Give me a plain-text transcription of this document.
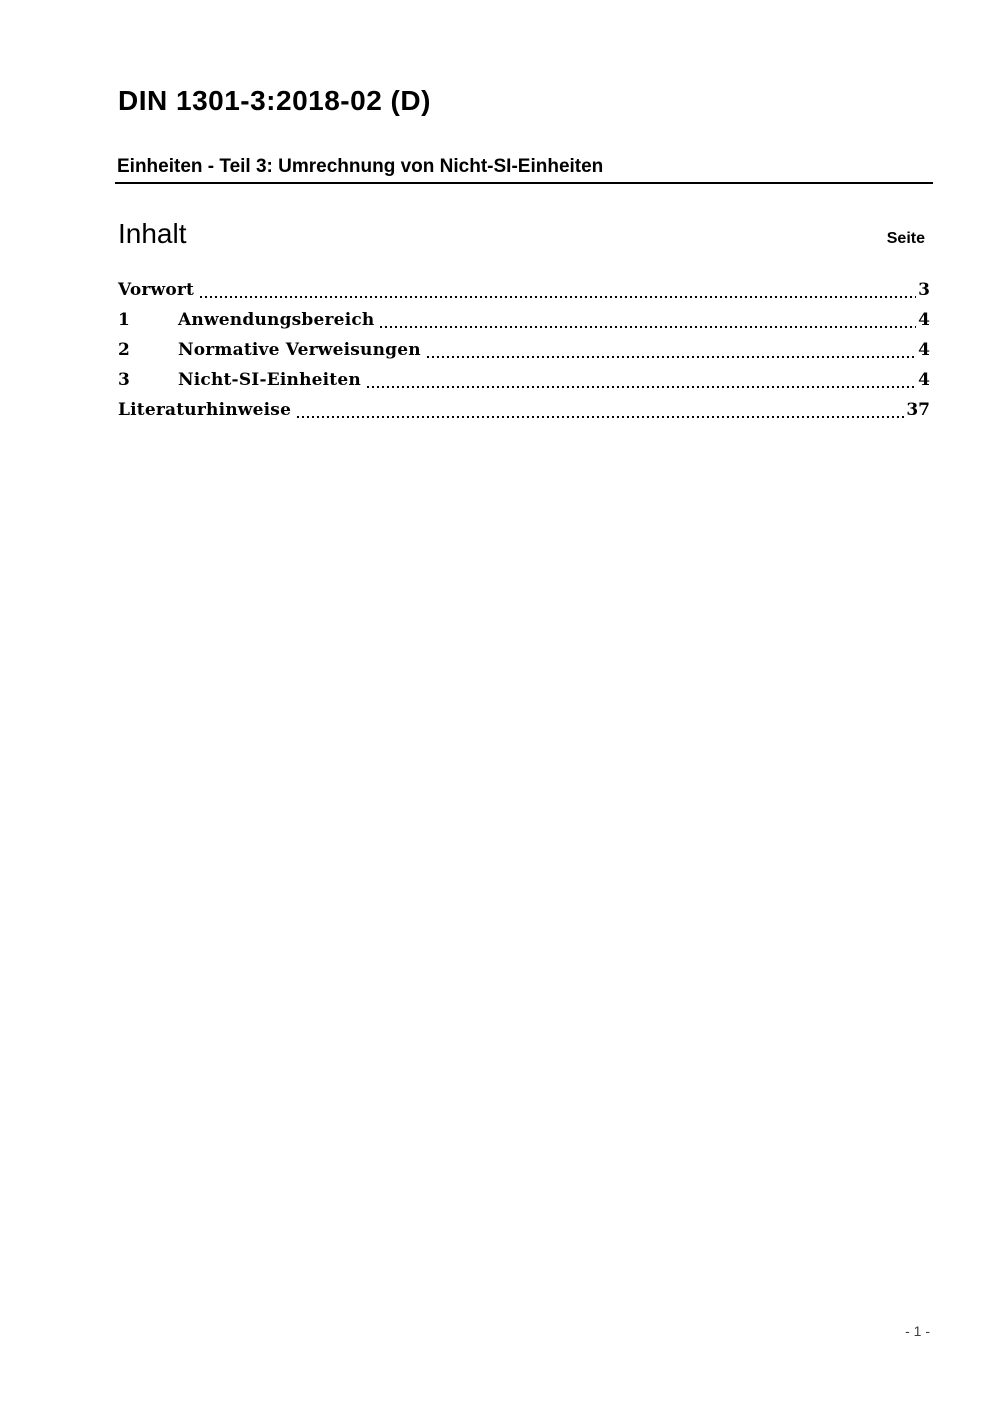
DIN 1301-3:2018-02 (D)
Einheiten - Teil 3: Umrechnung von Nicht-SI-Einheiten
Inhalt	Seite
Vorwort	3
1	Anwendungsbereich	4
2	Normative Verweisungen	4
3	Nicht-SI-Einheiten	4
Literaturhinweise	37
- 1 -
